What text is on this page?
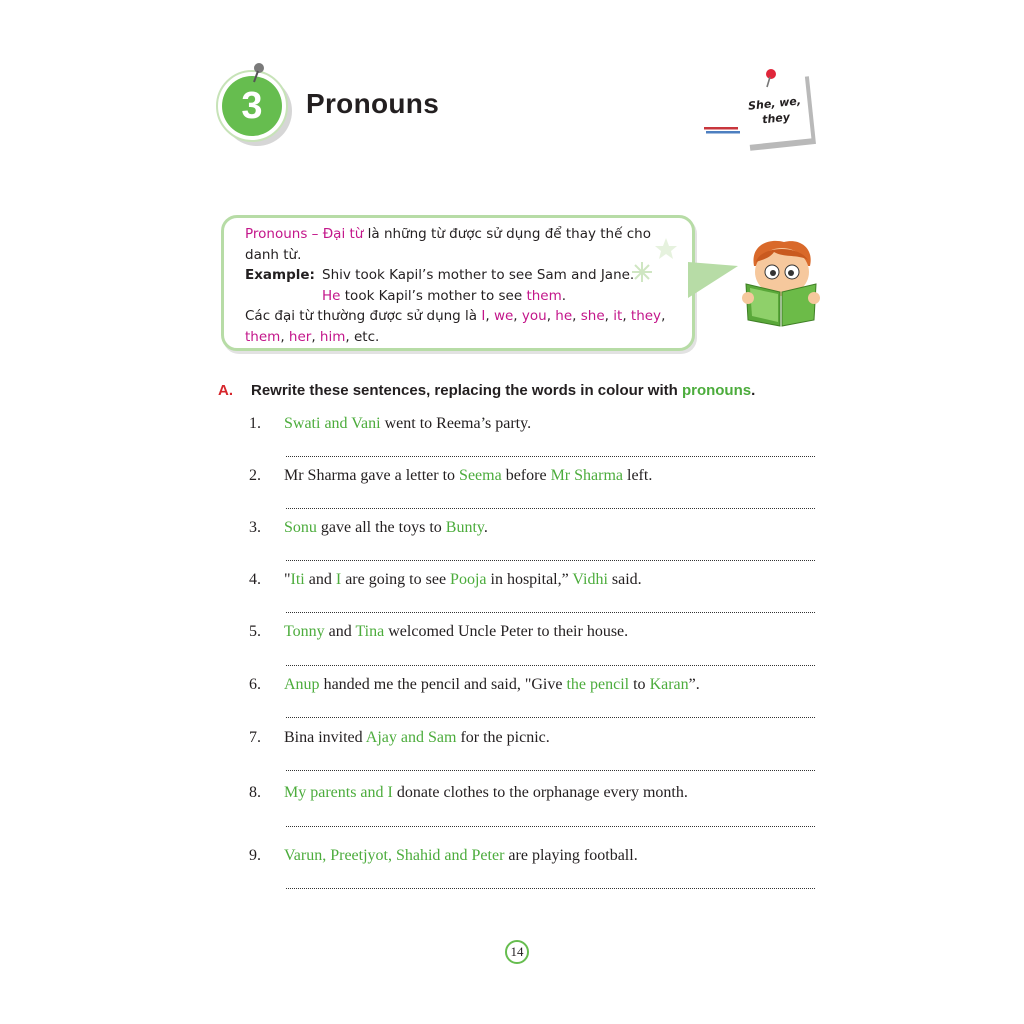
3	Pronouns	She, we,
they
Pronouns – Đại từ là những từ được sử dụng để thay thế cho
danh từ.
Example: Shiv took Kapil’s mother to see Sam and Jane.
He took Kapil’s mother to see them.
Các đại từ thường được sử dụng là I, we, you, he, she, it, they,
them, her, him, etc.
A. Rewrite these sentences, replacing the words in colour with pronouns.
1. Swati and Vani went to Reema’s party.
2. Mr Sharma gave a letter to Seema before Mr Sharma left.
3. Sonu gave all the toys to Bunty.
4. "Iti and I are going to see Pooja in hospital,” Vidhi said.
5. Tonny and Tina welcomed Uncle Peter to their house.
6. Anup handed me the pencil and said, "Give the pencil to Karan”.
7. Bina invited Ajay and Sam for the picnic.
8. My parents and I donate clothes to the orphanage every month.
9. Varun, Preetjyot, Shahid and Peter are playing football.
14
